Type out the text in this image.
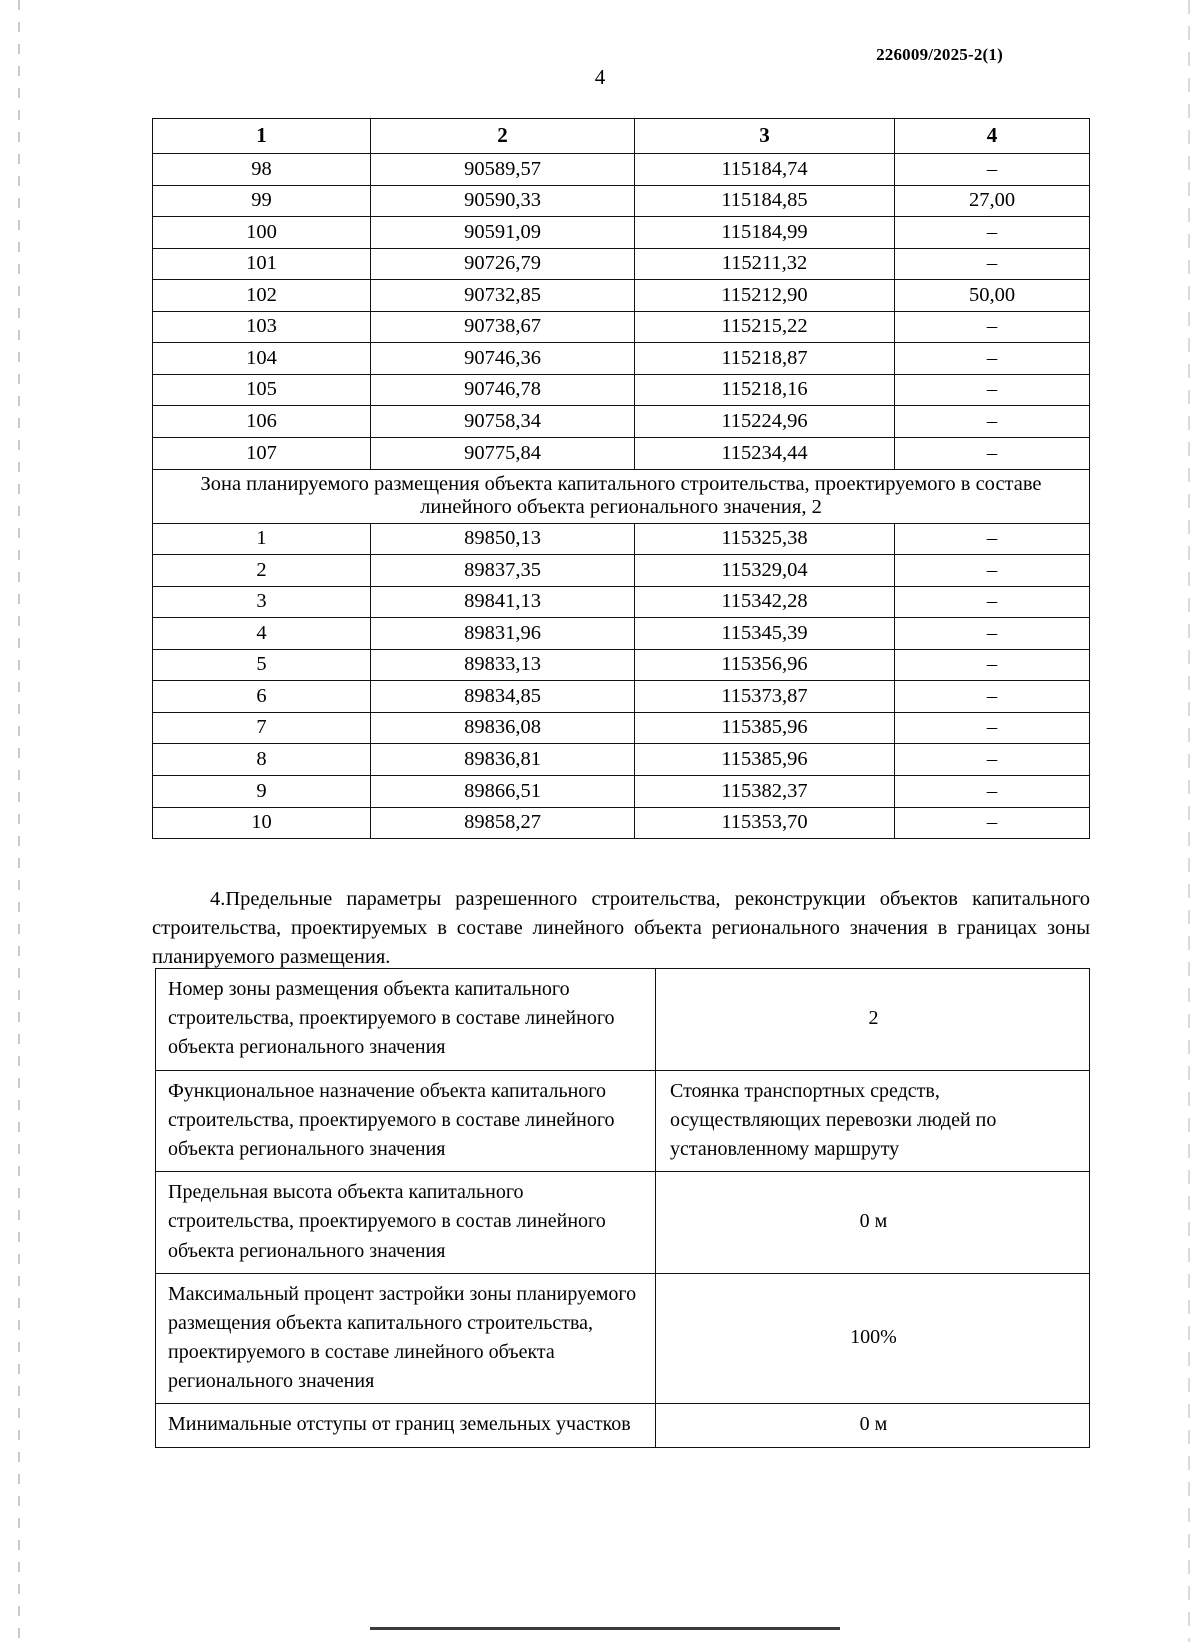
226009/2025-2(1)
4
1	2	3	4
98	90589,57	115184,74	–
99	90590,33	115184,85	27,00
100	90591,09	115184,99	–
101	90726,79	115211,32	–
102	90732,85	115212,90	50,00
103	90738,67	115215,22	–
104	90746,36	115218,87	–
105	90746,78	115218,16	–
106	90758,34	115224,96	–
107	90775,84	115234,44	–
Зона планируемого размещения объекта капитального строительства, проектируемого в составе линейного объекта регионального значения, 2			
1	89850,13	115325,38	–
2	89837,35	115329,04	–
3	89841,13	115342,28	–
4	89831,96	115345,39	–
5	89833,13	115356,96	–
6	89834,85	115373,87	–
7	89836,08	115385,96	–
8	89836,81	115385,96	–
9	89866,51	115382,37	–
10	89858,27	115353,70	–
4.Предельные параметры разрешенного строительства, реконструкции объектов капитального строительства, проектируемых в составе линейного объекта регионального значения в границах зоны планируемого размещения.
Номер зоны размещения объекта капитального строительства, проектируемого в составе линейного объекта регионального значения	2
Функциональное назначение объекта капитального строительства, проектируемого в составе линейного объекта регионального значения	Стоянка транспортных средств, осуществляющих перевозки людей по установленному маршруту
Предельная высота объекта капитального строительства, проектируемого в состав линейного объекта регионального значения	0 м
Максимальный процент застройки зоны планируемого размещения объекта капитального строительства, проектируемого в составе линейного объекта регионального значения	100%
Минимальные отступы от границ земельных участков	0 м
